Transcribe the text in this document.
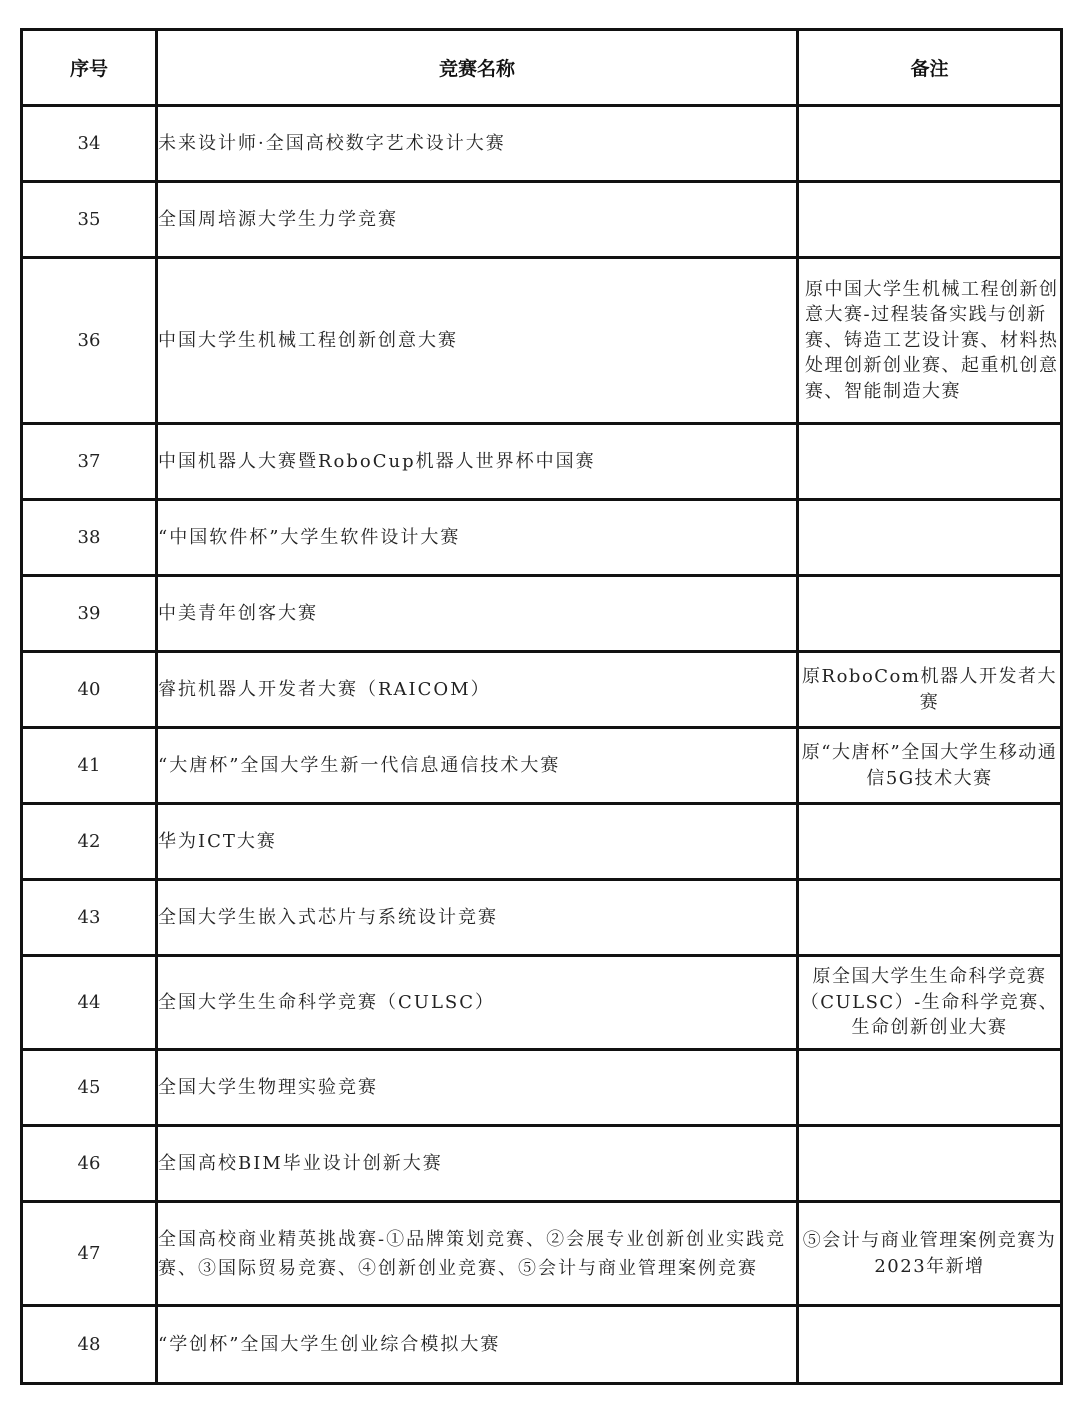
序号	竞赛名称	备注
34	未来设计师·全国高校数字艺术设计大赛	
35	全国周培源大学生力学竞赛	
36	中国大学生机械工程创新创意大赛	原中国大学生机械工程创新创意大赛-过程装备实践与创新赛、铸造工艺设计赛、材料热处理创新创业赛、起重机创意赛、智能制造大赛
37	中国机器人大赛暨RoboCup机器人世界杯中国赛	
38	“中国软件杯”大学生软件设计大赛	
39	中美青年创客大赛	
40	睿抗机器人开发者大赛（RAICOM）	原RoboCom机器人开发者大赛
41	“大唐杯”全国大学生新一代信息通信技术大赛	原“大唐杯”全国大学生移动通信5G技术大赛
42	华为ICT大赛	
43	全国大学生嵌入式芯片与系统设计竞赛	
44	全国大学生生命科学竞赛（CULSC）	原全国大学生生命科学竞赛（CULSC）-生命科学竞赛、生命创新创业大赛
45	全国大学生物理实验竞赛	
46	全国高校BIM毕业设计创新大赛	
47	全国高校商业精英挑战赛-①品牌策划竞赛、②会展专业创新创业实践竞赛、③国际贸易竞赛、④创新创业竞赛、⑤会计与商业管理案例竞赛	⑤会计与商业管理案例竞赛为2023年新增
48	“学创杯”全国大学生创业综合模拟大赛	
